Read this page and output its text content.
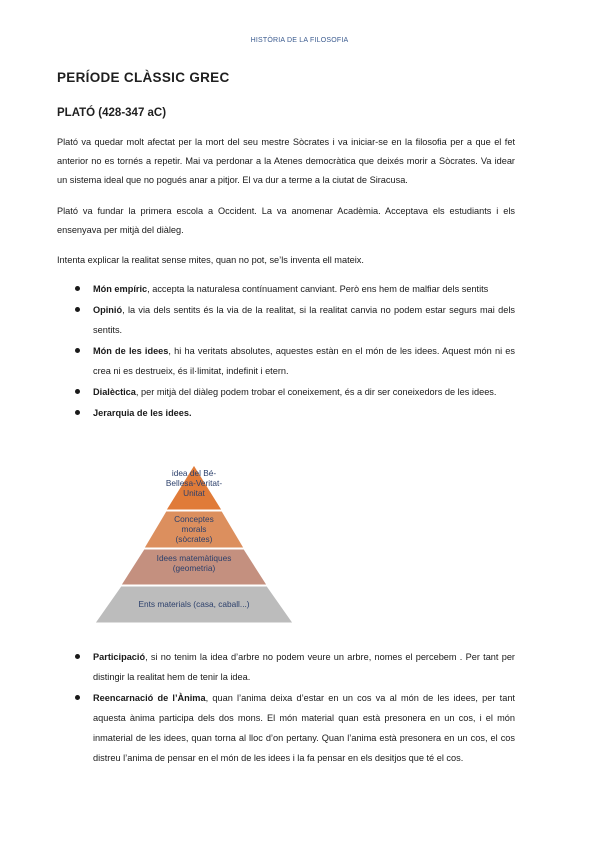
HISTÒRIA DE LA FILOSOFIA
PERÍODE CLÀSSIC GREC
PLATÓ (428-347 aC)

Plató va quedar molt afectat per la mort del seu mestre Sòcrates i va iniciar-se en la filosofia per a que el fet anterior no es tornés a repetir. Mai va perdonar a la Atenes democràtica que deixés morir a Sòcrates. Va idear un sistema ideal que no pogués anar a pitjor. El va dur a terme a la ciutat de Siracusa.

Plató va fundar la primera escola a Occident. La va anomenar Acadèmia. Acceptava els estudiants i els ensenyava per mitjà del diàleg.

Intenta explicar la realitat sense mites, quan no pot, se’ls inventa ell mateix.

Món empíric, accepta la naturalesa contínuament canviant. Però ens hem de malfiar dels sentits
Opinió, la via dels sentits és la via de la realitat, si la realitat canvia no podem estar segurs mai dels sentits.
Món de les idees, hi ha veritats absolutes, aquestes estàn en el món de les idees. Aquest món ni es crea ni es destrueix, és il·limitat, indefinit i etern.
Dialèctica, per mitjà del diàleg podem trobar el coneixement, és a dir ser coneixedors de les idees.
Jerarquia de les idees.
idea del Bé-Bellesa-Veritat-Unitat
Conceptes morals (sòcrates)
Idees matemàtiques (geometria)
Ents materials (casa, caball...)
Participació, si no tenim la idea d’arbre no podem veure un arbre, nomes el percebem . Per tant per distingir la realitat hem de tenir la idea.
Reencarnació de l’Ànima, quan l’anima deixa d’estar en un cos va al món de les idees, per tant aquesta ànima participa dels dos mons. El món material quan està presonera en un cos, i el món inmaterial de les idees, quan torna al lloc d’on pertany. Quan l’anima està presonera en un cos, el cos distreu l’anima de pensar en el món de les idees i la fa pensar en els desitjos que té el cos.
